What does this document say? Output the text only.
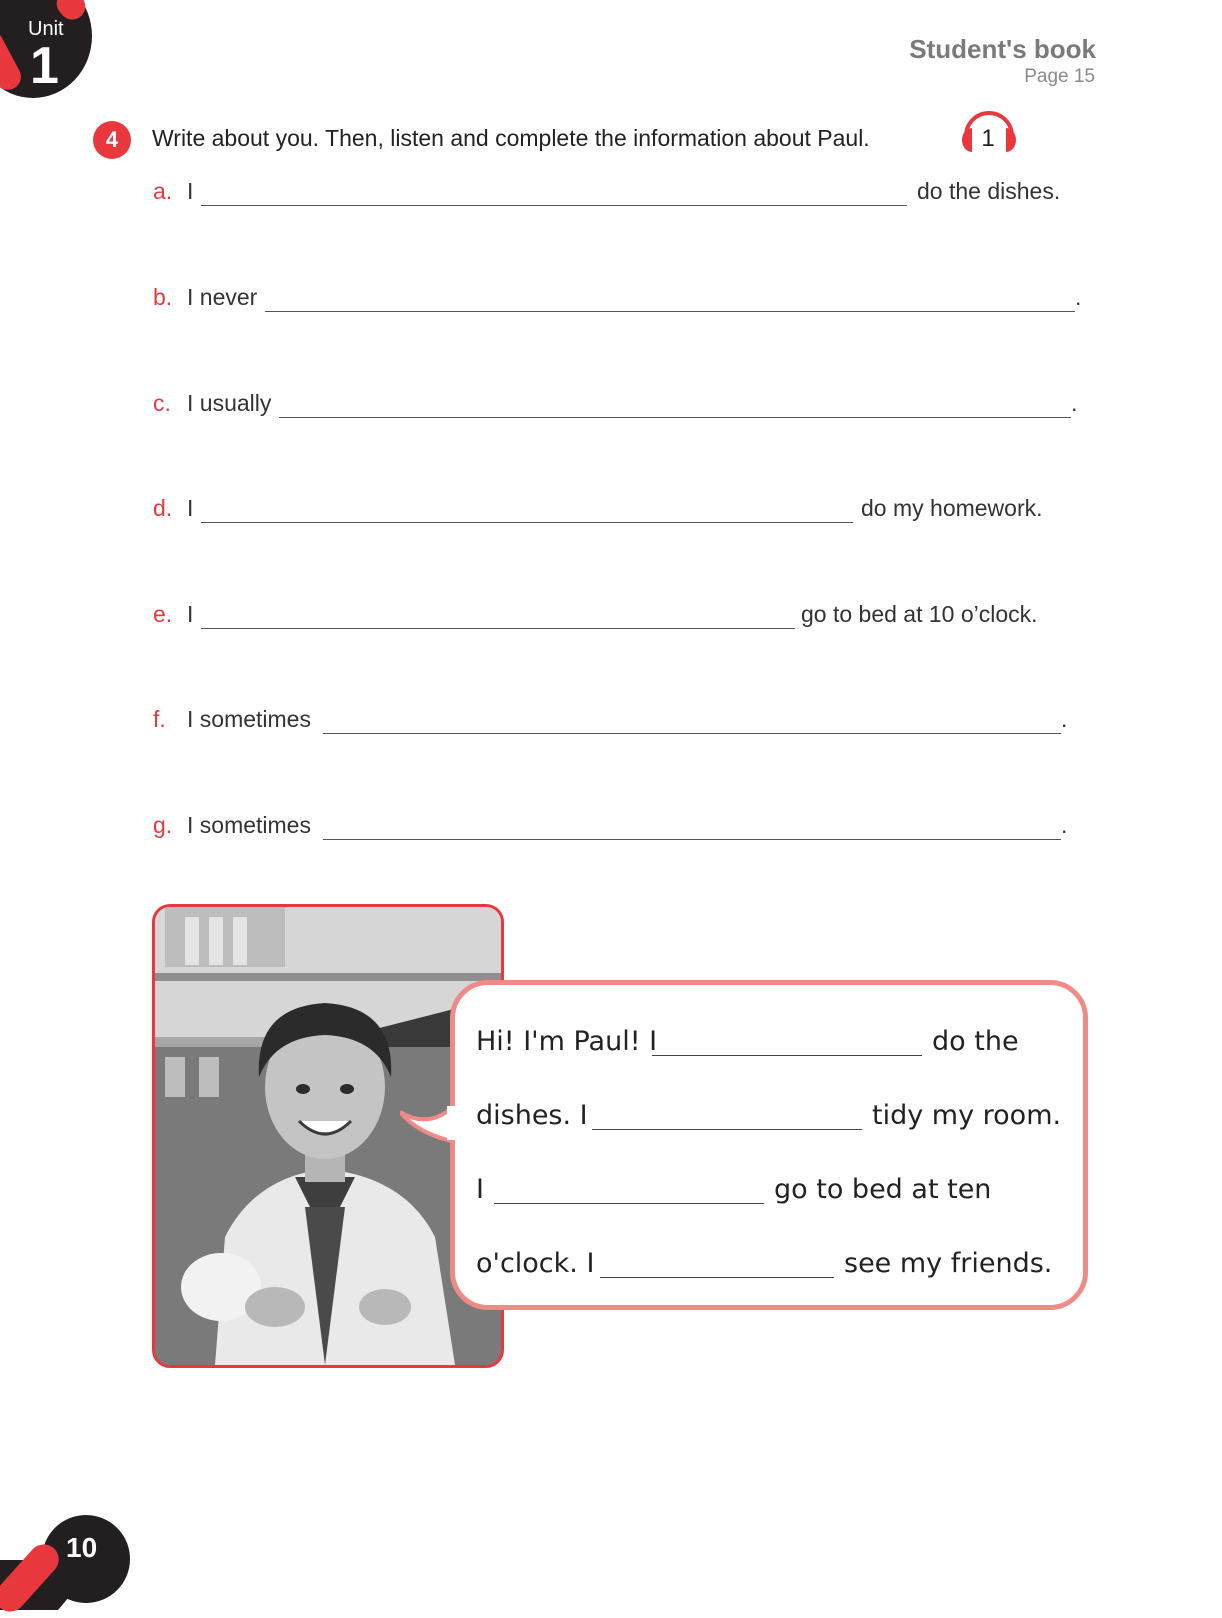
Unit
1	Student's book
Page 15
4	Write about you. Then, listen and complete the information about Paul.	1
a. I	do the dishes.
b. I never	.
c. I usually	.
d. I	do my homework.
e. I	go to bed at 10 o’clock.
f. I sometimes	.
g. I sometimes	.
Hi! I'm Paul! I	do the
dishes. I	tidy my room.
I	go to bed at ten
o'clock. I	see my friends.
10
